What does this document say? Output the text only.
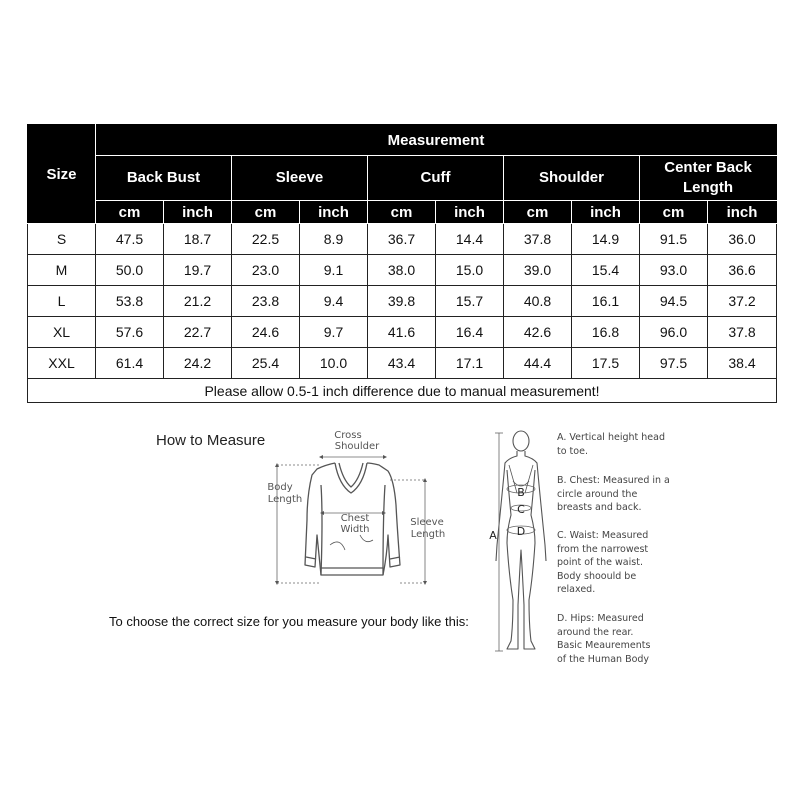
Size	Measurement									
	Back Bust		Sleeve		Cuff		Shoulder		Center Back Length	
	cm	inch	cm	inch	cm	inch	cm	inch	cm	inch
S	47.5	18.7	22.5	8.9	36.7	14.4	37.8	14.9	91.5	36.0
M	50.0	19.7	23.0	9.1	38.0	15.0	39.0	15.4	93.0	36.6
L	53.8	21.2	23.8	9.4	39.8	15.7	40.8	16.1	94.5	37.2
XL	57.6	22.7	24.6	9.7	41.6	16.4	42.6	16.8	96.0	37.8
XXL	61.4	24.2	25.4	10.0	43.4	17.1	44.4	17.5	97.5	38.4
Please allow 0.5-1 inch difference due to manual measurement!										
How to Measure	Cross
Shoulder
Body
Length
Chest
Width
Sleeve
Length
To choose the correct size for you measure your body like this:
B
C
D
A
A. Vertical height head
to toe.
B. Chest: Measured in a
circle around the
breasts and back.
C. Waist: Measured
from the narrowest
point of the waist.
Body shoould be
relaxed.
D. Hips: Measured
around the rear.
Basic Meaurements
of the Human Body
